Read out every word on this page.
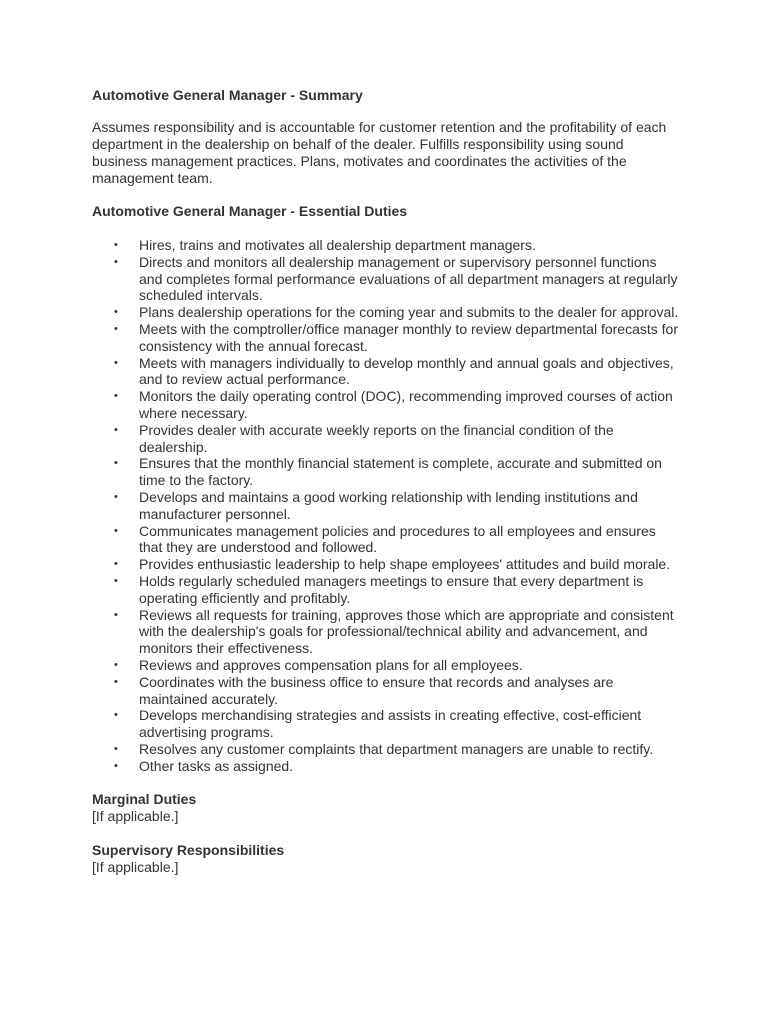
Automotive General Manager - Summary

Assumes responsibility and is accountable for customer retention and the profitability of each department in the dealership on behalf of the dealer. Fulfills responsibility using sound business management practices. Plans, motivates and coordinates the activities of the management team.

Automotive General Manager - Essential Duties
• Hires, trains and motivates all dealership department managers.
• Directs and monitors all dealership management or supervisory personnel functions and completes formal performance evaluations of all department managers at regularly scheduled intervals.
• Plans dealership operations for the coming year and submits to the dealer for approval.
• Meets with the comptroller/office manager monthly to review departmental forecasts for consistency with the annual forecast.
• Meets with managers individually to develop monthly and annual goals and objectives, and to review actual performance.
• Monitors the daily operating control (DOC), recommending improved courses of action where necessary.
• Provides dealer with accurate weekly reports on the financial condition of the dealership.
• Ensures that the monthly financial statement is complete, accurate and submitted on time to the factory.
• Develops and maintains a good working relationship with lending institutions and manufacturer personnel.
• Communicates management policies and procedures to all employees and ensures that they are understood and followed.
• Provides enthusiastic leadership to help shape employees' attitudes and build morale.
• Holds regularly scheduled managers meetings to ensure that every department is operating efficiently and profitably.
• Reviews all requests for training, approves those which are appropriate and consistent with the dealership's goals for professional/technical ability and advancement, and monitors their effectiveness.
• Reviews and approves compensation plans for all employees.
• Coordinates with the business office to ensure that records and analyses are maintained accurately.
• Develops merchandising strategies and assists in creating effective, cost-efficient advertising programs.
• Resolves any customer complaints that department managers are unable to rectify.
• Other tasks as assigned.
Marginal Duties

[If applicable.]

Supervisory Responsibilities

[If applicable.]
